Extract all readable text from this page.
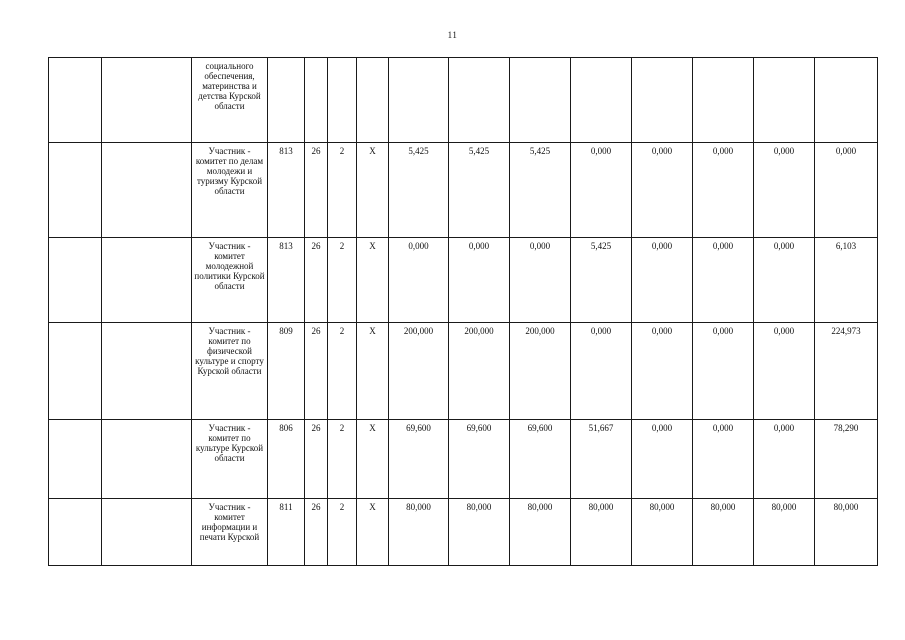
11
		социального обеспечения, материнства и детства Курской области												
		Участник - комитет по делам молодежи и туризму Курской области	813	26	2	Х	5,425	5,425	5,425	0,000	0,000	0,000	0,000	0,000
		Участник - комитет молодежной политики Курской области	813	26	2	Х	0,000	0,000	0,000	5,425	0,000	0,000	0,000	6,103
		Участник - комитет по физической культуре и спорту Курской области	809	26	2	Х	200,000	200,000	200,000	0,000	0,000	0,000	0,000	224,973
		Участник - комитет по культуре Курской области	806	26	2	Х	69,600	69,600	69,600	51,667	0,000	0,000	0,000	78,290
		Участник - комитет информации и печати Курской	811	26	2	Х	80,000	80,000	80,000	80,000	80,000	80,000	80,000	80,000
